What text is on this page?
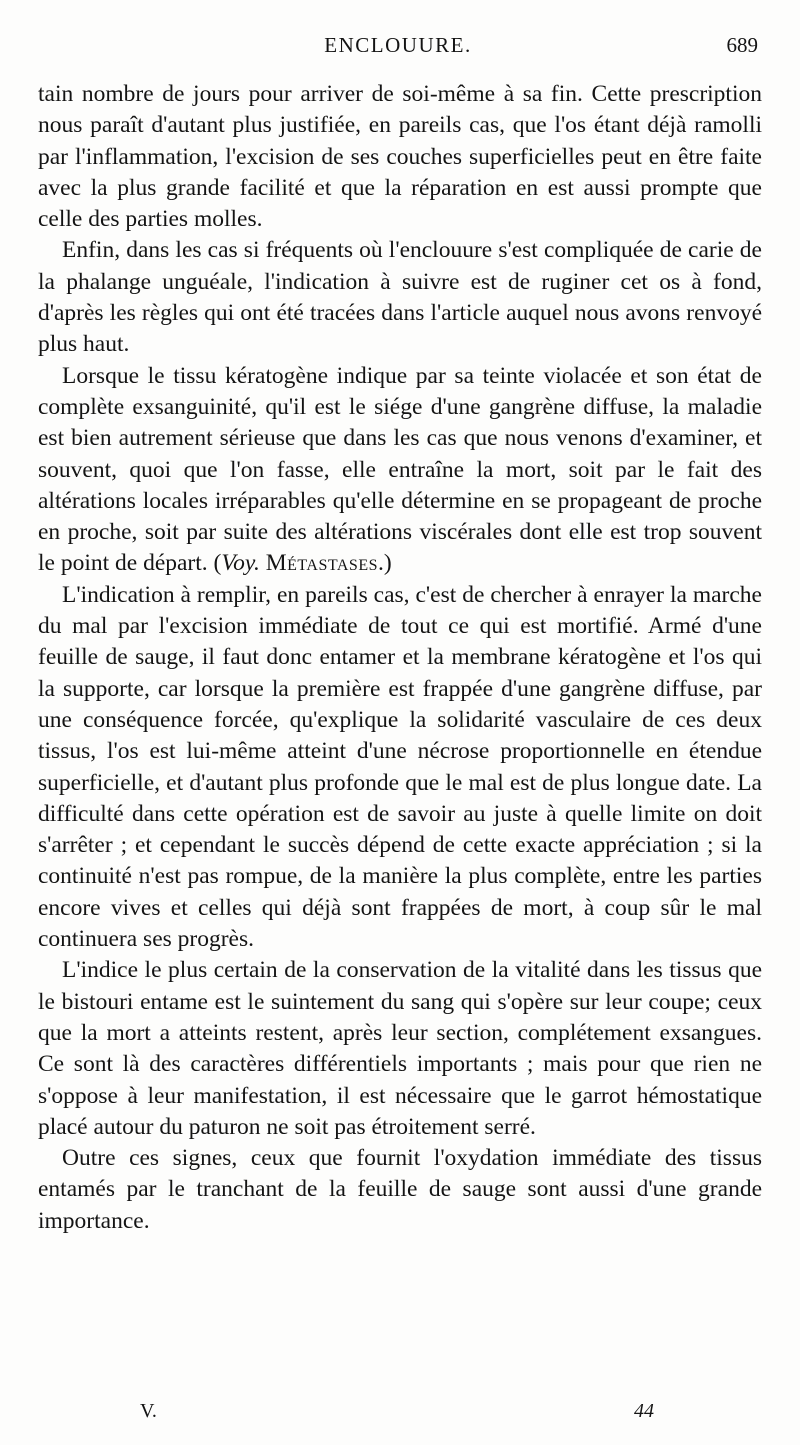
ENCLOUURE.	689

tain nombre de jours pour arriver de soi-même à sa fin. Cette prescription nous paraît d'autant plus justifiée, en pareils cas, que l'os étant déjà ramolli par l'inflammation, l'excision de ses couches superficielles peut en être faite avec la plus grande facilité et que la réparation en est aussi prompte que celle des parties molles.

Enfin, dans les cas si fréquents où l'enclouure s'est compliquée de carie de la phalange unguéale, l'indication à suivre est de ruginer cet os à fond, d'après les règles qui ont été tracées dans l'article auquel nous avons renvoyé plus haut.

Lorsque le tissu kératogène indique par sa teinte violacée et son état de complète exsanguinité, qu'il est le siége d'une gangrène diffuse, la maladie est bien autrement sérieuse que dans les cas que nous venons d'examiner, et souvent, quoi que l'on fasse, elle entraîne la mort, soit par le fait des altérations locales irréparables qu'elle détermine en se propageant de proche en proche, soit par suite des altérations viscérales dont elle est trop souvent le point de départ. (Voy. Métastases.)

L'indication à remplir, en pareils cas, c'est de chercher à enrayer la marche du mal par l'excision immédiate de tout ce qui est mortifié. Armé d'une feuille de sauge, il faut donc entamer et la membrane kératogène et l'os qui la supporte, car lorsque la première est frappée d'une gangrène diffuse, par une conséquence forcée, qu'explique la solidarité vasculaire de ces deux tissus, l'os est lui-même atteint d'une nécrose proportionnelle en étendue superficielle, et d'autant plus profonde que le mal est de plus longue date. La difficulté dans cette opération est de savoir au juste à quelle limite on doit s'arrêter ; et cependant le succès dépend de cette exacte appréciation ; si la continuité n'est pas rompue, de la manière la plus complète, entre les parties encore vives et celles qui déjà sont frappées de mort, à coup sûr le mal continuera ses progrès.

L'indice le plus certain de la conservation de la vitalité dans les tissus que le bistouri entame est le suintement du sang qui s'opère sur leur coupe; ceux que la mort a atteints restent, après leur section, complétement exsangues. Ce sont là des caractères différentiels importants ; mais pour que rien ne s'oppose à leur manifestation, il est nécessaire que le garrot hémostatique placé autour du paturon ne soit pas étroitement serré.

Outre ces signes, ceux que fournit l'oxydation immédiate des tissus entamés par le tranchant de la feuille de sauge sont aussi d'une grande importance.

V.	44
